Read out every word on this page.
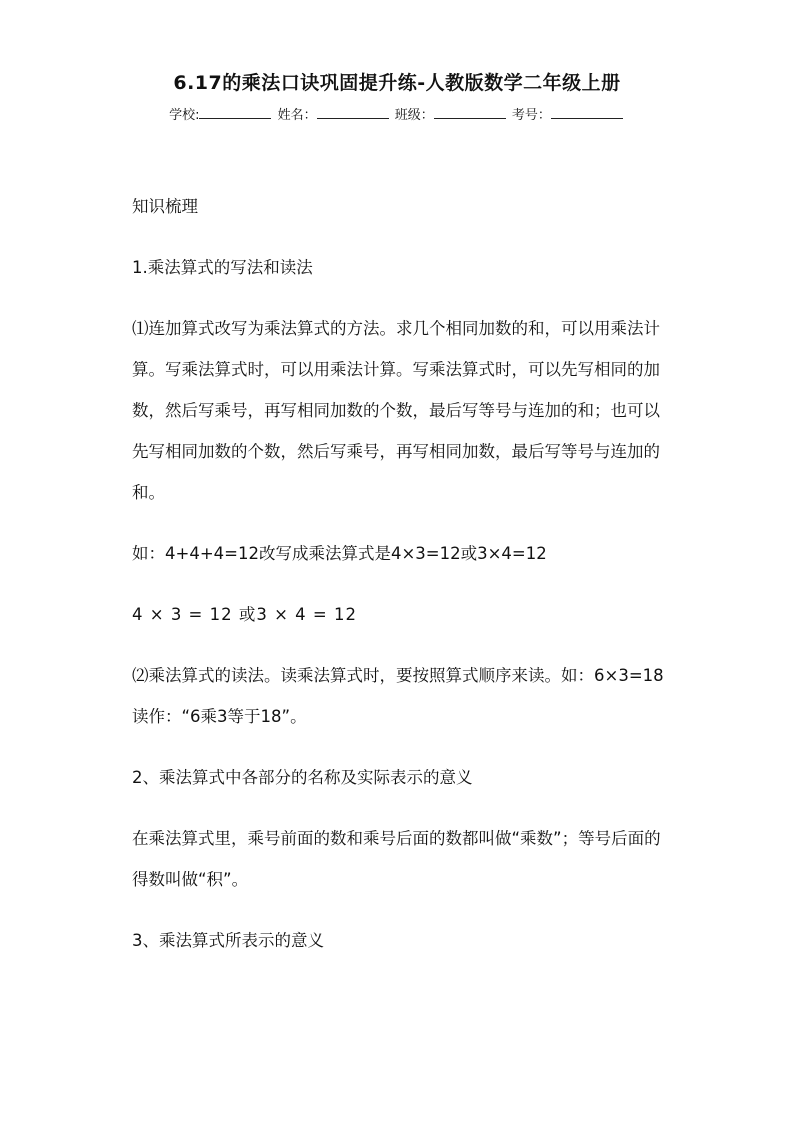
6.17的乘法口诀巩固提升练-人教版数学二年级上册
学校:	姓名：	班级：	考号：

知识梳理

1.乘法算式的写法和读法

⑴连加算式改写为乘法算式的方法。求几个相同加数的和，可以用乘法计算。写乘法算式时，可以用乘法计算。写乘法算式时，可以先写相同的加数，然后写乘号，再写相同加数的个数，最后写等号与连加的和；也可以先写相同加数的个数，然后写乘号，再写相同加数，最后写等号与连加的和。

如：4+4+4=12改写成乘法算式是4×3=12或3×4=12

4 × 3 = 12 或3 × 4 = 12

⑵乘法算式的读法。读乘法算式时，要按照算式顺序来读。如：6×3=18读作：“6乘3等于18”。

2、乘法算式中各部分的名称及实际表示的意义

在乘法算式里，乘号前面的数和乘号后面的数都叫做“乘数”；等号后面的得数叫做“积”。

3、乘法算式所表示的意义
